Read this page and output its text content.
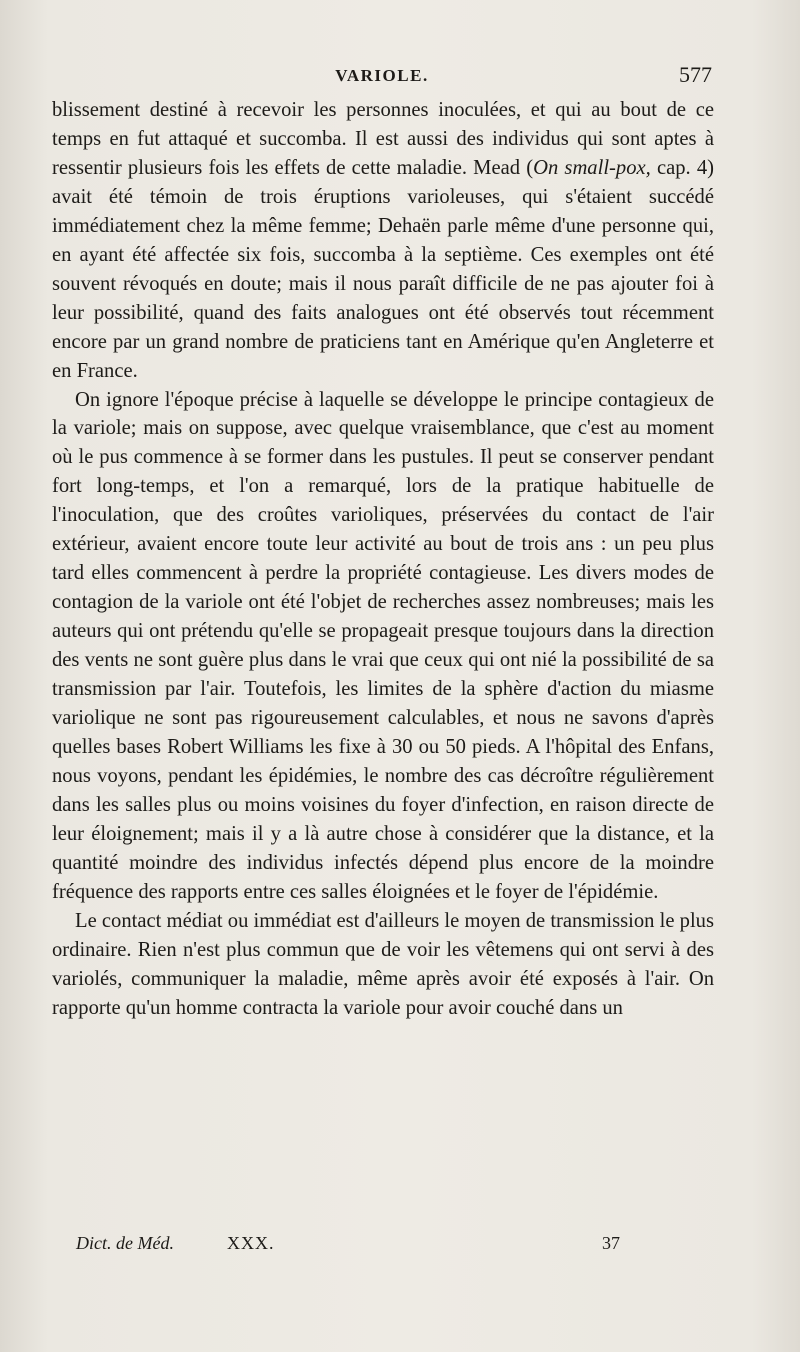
VARIOLE.	577

blissement destiné à recevoir les personnes inoculées, et qui au bout de ce temps en fut attaqué et succomba. Il est aussi des individus qui sont aptes à ressentir plusieurs fois les effets de cette maladie. Mead (On small-pox, cap. 4) avait été témoin de trois éruptions varioleuses, qui s'étaient succédé immédiatement chez la même femme; Dehaën parle même d'une personne qui, en ayant été affectée six fois, succomba à la septième. Ces exemples ont été souvent révoqués en doute; mais il nous paraît difficile de ne pas ajouter foi à leur possibilité, quand des faits analogues ont été observés tout récemment encore par un grand nombre de praticiens tant en Amérique qu'en Angleterre et en France.

On ignore l'époque précise à laquelle se développe le principe contagieux de la variole; mais on suppose, avec quelque vraisemblance, que c'est au moment où le pus commence à se former dans les pustules. Il peut se conserver pendant fort long-temps, et l'on a remarqué, lors de la pratique habituelle de l'inoculation, que des croûtes varioliques, préservées du contact de l'air extérieur, avaient encore toute leur activité au bout de trois ans : un peu plus tard elles commencent à perdre la propriété contagieuse. Les divers modes de contagion de la variole ont été l'objet de recherches assez nombreuses; mais les auteurs qui ont prétendu qu'elle se propageait presque toujours dans la direction des vents ne sont guère plus dans le vrai que ceux qui ont nié la possibilité de sa transmission par l'air. Toutefois, les limites de la sphère d'action du miasme variolique ne sont pas rigoureusement calculables, et nous ne savons d'après quelles bases Robert Williams les fixe à 30 ou 50 pieds. A l'hôpital des Enfans, nous voyons, pendant les épidémies, le nombre des cas décroître régulièrement dans les salles plus ou moins voisines du foyer d'infection, en raison directe de leur éloignement; mais il y a là autre chose à considérer que la distance, et la quantité moindre des individus infectés dépend plus encore de la moindre fréquence des rapports entre ces salles éloignées et le foyer de l'épidémie.

Le contact médiat ou immédiat est d'ailleurs le moyen de transmission le plus ordinaire. Rien n'est plus commun que de voir les vêtemens qui ont servi à des variolés, communiquer la maladie, même après avoir été exposés à l'air. On rapporte qu'un homme contracta la variole pour avoir couché dans un

Dict. de Méd.	XXX.	37
